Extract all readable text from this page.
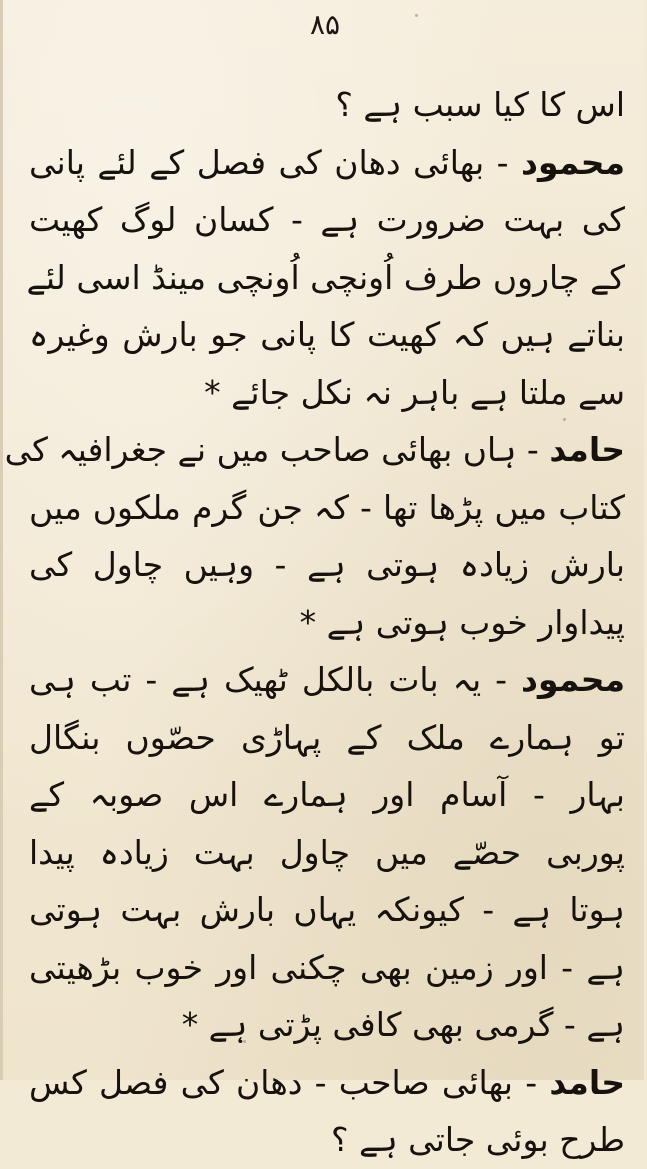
۸۵
اس کا کیا سبب ہے ؟
محمود - بھائی دھان کی فصل کے لئے پانی
کی بہت ضرورت ہے - کسان لوگ کھیت
کے چاروں طرف اُونچی اُونچی مینڈ اسی لئے
بناتے ہیں کہ کھیت کا پانی جو بارش وغیرہ
سے ملتا ہے باہر نہ نکل جائے *
حامد - ہاں بھائی صاحب میں نے جغرافیہ کی
کتاب میں پڑھا تھا - کہ جن گرم ملکوں میں
بارش زیادہ ہوتی ہے - وہیں چاول کی
پیداوار خوب ہوتی ہے *
محمود - یہ بات بالکل ٹھیک ہے - تب ہی
تو ہمارے ملک کے پہاڑی حصّوں بنگال
بہار - آسام اور ہمارے اس صوبہ کے
پوربی حصّے میں چاول بہت زیادہ پیدا
ہوتا ہے - کیونکہ یہاں بارش بہت ہوتی
ہے - اور زمین بھی چکنی اور خوب بڑھیتی
ہے - گرمی بھی کافی پڑتی ہے *
حامد - بھائی صاحب - دھان کی فصل کس
طرح بوئی جاتی ہے ؟
